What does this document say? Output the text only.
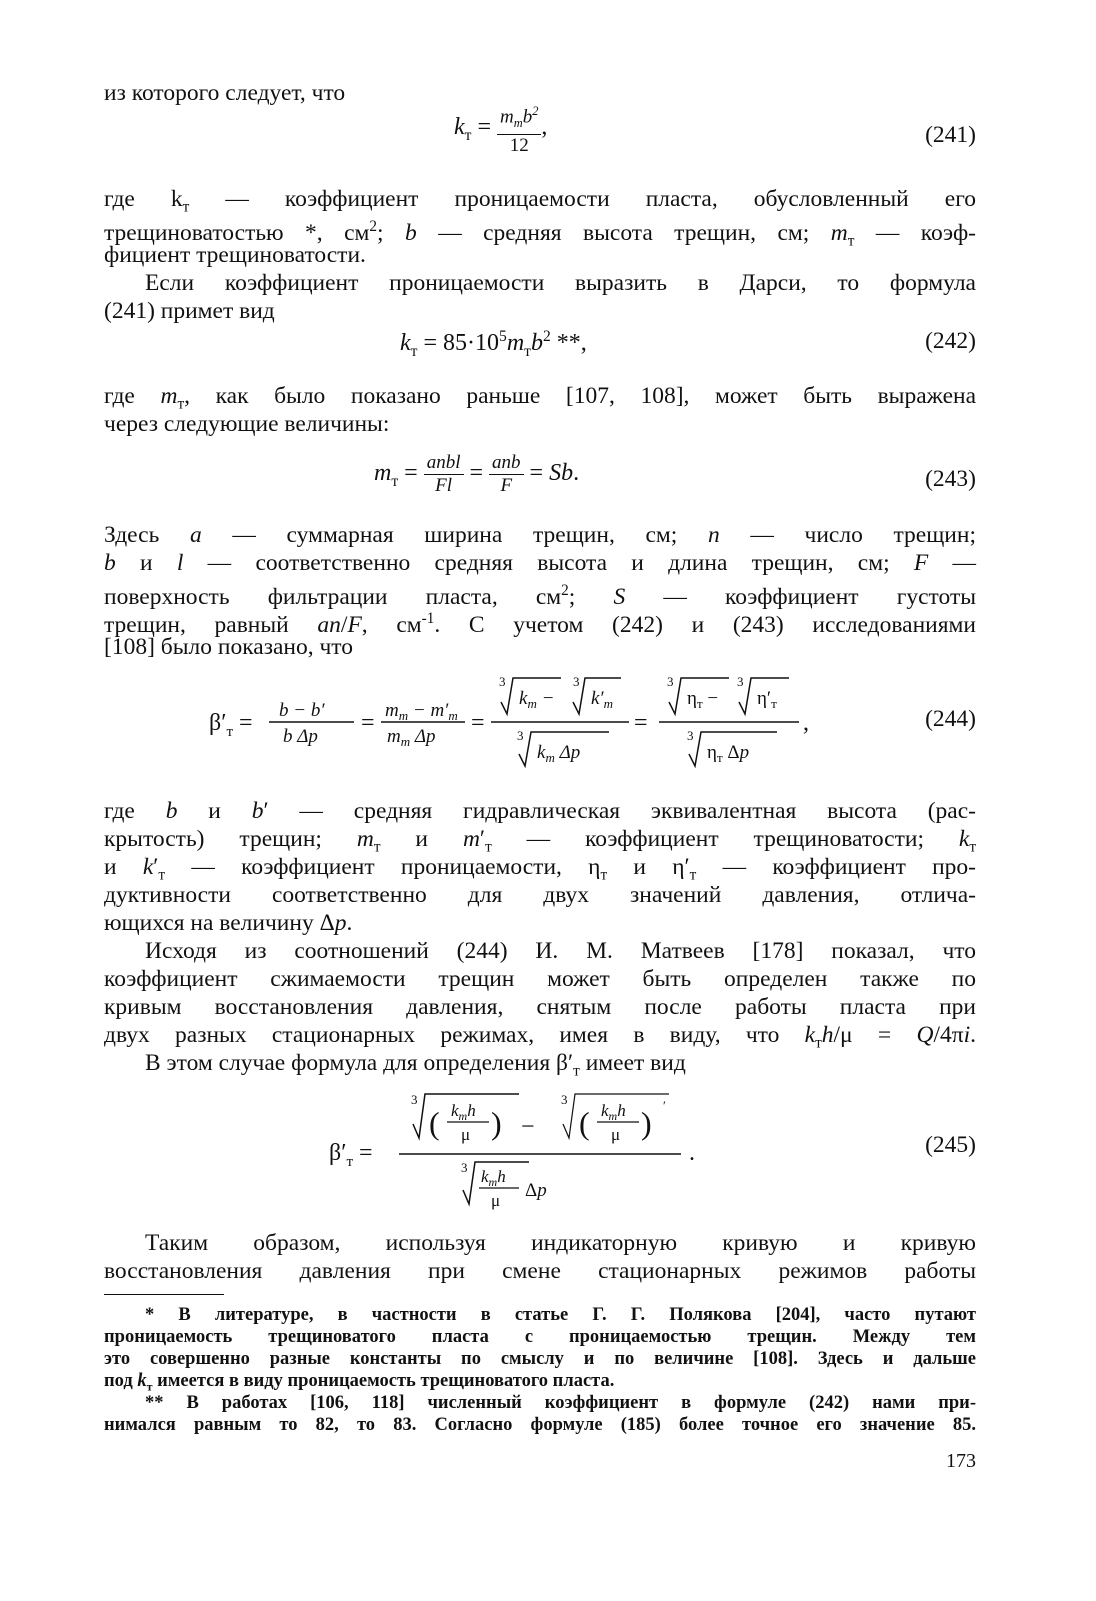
из которого следует, что
$k_т = \frac{m_тb^2}{12}$ ,	(241)
где $k_т$ — коэффициент проницаемости пласта, обусловленный его
трещиноватостью *, $см^2$; b — средняя высота трещин, см; $m_т$ — коэф-
фициент трещиноватости.
Если коэффициент проницаемости выразить в Дарси, то формула
(241) примет вид
$k_т = 85\cdot 10^5m_тb^2$ **,	(242)
где $m_т$, как было показано раньше [107, 108], может быть выражена
через следующие величины:
$m_т = \frac{\text{anbl}}{Fl} = \frac{\text{anb}}{F} = Sb$.	(243)
Здесь a — суммарная ширина трещин, см; n — число трещин;
b и l — соответственно средняя высота и длина трещин, см; F —
поверхность фильтрации пласта, $см^2$; S — коэффициент густоты
трещин, равный an/F, $см^{-1}$. С учетом (242) и (243) исследованиями
[108] было показано, что
$\beta'_т = b - b'$
b Δp
= $m_т - m'_т$
$m_т$ Δp
=
3
$k_т$ −
3
$k'_т$
3
$k_т$ Δp
=
3
$\eta_т$ −
3
$\eta'_т$
3
$\eta_т$ Δp
,	(244)
где b и b′ — средняя гидравлическая эквивалентная высота (рас-
крытость) трещин; $m_т$ и $m'_т$ — коэффициент трещиноватости; $k_т$
и $k'_т$ — коэффициент проницаемости, $\eta_т$ и $\eta'_т$ — коэффициент про-
дуктивности соответственно для двух значений давления, отлича-
ющихся на величину Δp.
Исходя из соотношений (244) И. М. Матвеев [178] показал, что
коэффициент сжимаемости трещин может быть определен также по
кривым восстановления давления, снятым после работы пласта при
двух разных стационарных режимах, имея в виду, что $k_тh/\mu = Q/4\pi i$.
В этом случае формула для определения $\beta'_т$ имеет вид
$\beta'_т$ =
3
( $k_тh$
μ ) −
3
( $k_тh$
μ ) ′
3 $k_тh$
μ Δp
.	(245)
Таким образом, используя индикаторную кривую и кривую
восстановления давления при смене стационарных режимов работы
* В литературе, в частности в статье Г. Г. Полякова [204], часто путают
проницаемость трещиноватого пласта с проницаемостью трещин. Между тем
это совершенно разные константы по смыслу и по величине [108]. Здесь и дальше
под $k_т$ имеется в виду проницаемость трещиноватого пласта.
** В работах [106, 118] численный коэффициент в формуле (242) нами при-
нимался равным то 82, то 83. Согласно формуле (185) более точное его значение 85.
173
